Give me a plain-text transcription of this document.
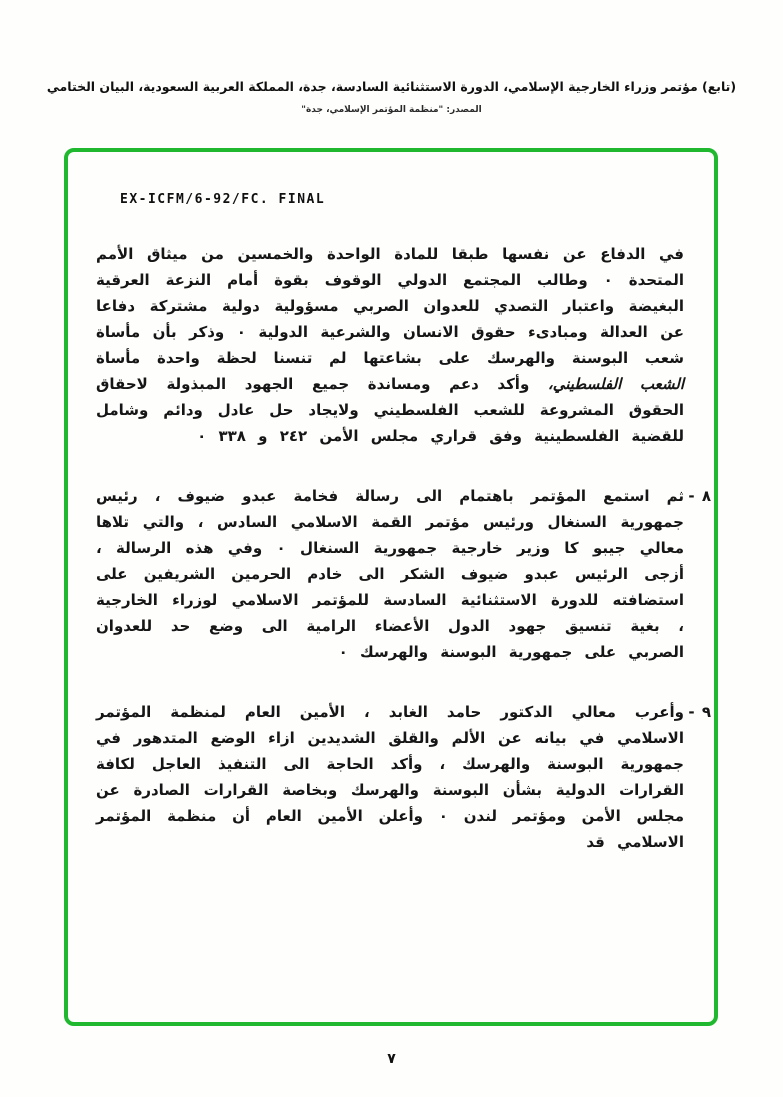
(تابع) مؤتمر وزراء الخارجية الإسلامي، الدورة الاستثنائية السادسة، جدة، المملكة العربية السعودية، البيان الختامي
المصدر: "منظمة المؤتمر الإسلامي، جدة"
EX-ICFM/6-92/FC. FINAL
في الدفاع عن نفسها طبقا للمادة الواحدة والخمسين من ميثاق الأمم المتحدة ٠ وطالب المجتمع الدولي الوقوف بقوة أمام النزعة العرقية البغيضة واعتبار التصدي للعدوان الصربي مسؤولية دولية مشتركة دفاعا عن العدالة ومبادىء حقوق الانسان والشرعية الدولية ٠ وذكر بأن مأساة شعب البوسنة والهرسك على بشاعتها لم تنسنا لحظة واحدة مأساة الشعب الفلسطيني، وأكد دعم ومساندة جميع الجهود المبذولة لاحقاق الحقوق المشروعة للشعب الفلسطيني ولايجاد حل عادل ودائم وشامل للقضية الفلسطينية وفق قراري مجلس الأمن ٢٤٢ و ٣٣٨ ٠
٨ -
ثم استمع المؤتمر باهتمام الى رسالة فخامة عبدو ضيوف ، رئيس جمهورية السنغال ورئيس مؤتمر القمة الاسلامي السادس ، والتي تلاها معالي جيبو كا وزير خارجية جمهورية السنغال ٠ وفي هذه الرسالة ، أزجى الرئيس عبدو ضيوف الشكر الى خادم الحرمين الشريفين على استضافته للدورة الاستثنائية السادسة للمؤتمر الاسلامي لوزراء الخارجية ، بغية تنسيق جهود الدول الأعضاء الرامية الى وضع حد للعدوان الصربي على جمهورية البوسنة والهرسك ٠
٩ -
وأعرب معالي الدكتور حامد الغابد ، الأمين العام لمنظمة المؤتمر الاسلامي في بيانه عن الألم والقلق الشديدين ازاء الوضع المتدهور في جمهورية البوسنة والهرسك ، وأكد الحاجة الى التنفيذ العاجل لكافة القرارات الدولية بشأن البوسنة والهرسك وبخاصة القرارات الصادرة عن مجلس الأمن ومؤتمر لندن ٠ وأعلن الأمين العام أن منظمة المؤتمر الاسلامي قد
٧
